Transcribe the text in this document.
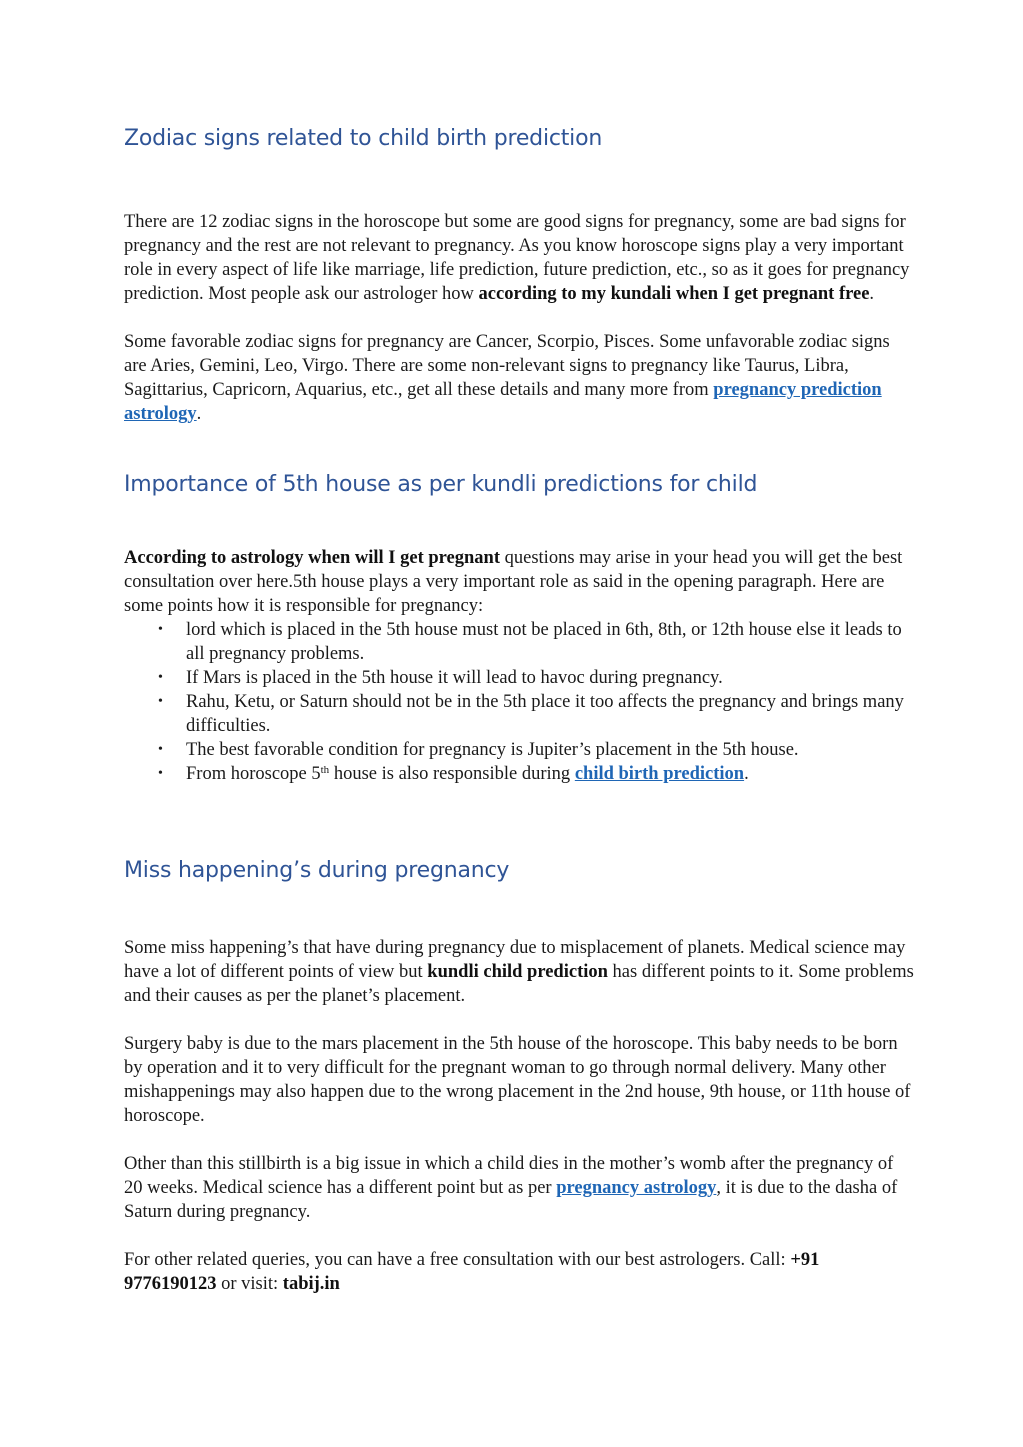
Zodiac signs related to child birth prediction

There are 12 zodiac signs in the horoscope but some are good signs for pregnancy, some are bad signs for pregnancy and the rest are not relevant to pregnancy. As you know horoscope signs play a very important role in every aspect of life like marriage, life prediction, future prediction, etc., so as it goes for pregnancy prediction. Most people ask our astrologer how according to my kundali when I get pregnant free.

Some favorable zodiac signs for pregnancy are Cancer, Scorpio, Pisces. Some unfavorable zodiac signs are Aries, Gemini, Leo, Virgo. There are some non-relevant signs to pregnancy like Taurus, Libra, Sagittarius, Capricorn, Aquarius, etc., get all these details and many more from pregnancy prediction astrology.

Importance of 5th house as per kundli predictions for child

According to astrology when will I get pregnant questions may arise in your head you will get the best consultation over here.5th house plays a very important role as said in the opening paragraph. Here are some points how it is responsible for pregnancy:

• lord which is placed in the 5th house must not be placed in 6th, 8th, or 12th house else it leads to all pregnancy problems.
• If Mars is placed in the 5th house it will lead to havoc during pregnancy.
• Rahu, Ketu, or Saturn should not be in the 5th place it too affects the pregnancy and brings many difficulties.
• The best favorable condition for pregnancy is Jupiter’s placement in the 5th house.
• From horoscope 5th house is also responsible during child birth prediction.
Miss happening’s during pregnancy

Some miss happening’s that have during pregnancy due to misplacement of planets. Medical science may have a lot of different points of view but kundli child prediction has different points to it. Some problems and their causes as per the planet’s placement.

Surgery baby is due to the mars placement in the 5th house of the horoscope. This baby needs to be born by operation and it to very difficult for the pregnant woman to go through normal delivery. Many other mishappenings may also happen due to the wrong placement in the 2nd house, 9th house, or 11th house of horoscope.

Other than this stillbirth is a big issue in which a child dies in the mother’s womb after the pregnancy of 20 weeks. Medical science has a different point but as per pregnancy astrology, it is due to the dasha of Saturn during pregnancy.

For other related queries, you can have a free consultation with our best astrologers. Call: +91 9776190123 or visit: tabij.in
